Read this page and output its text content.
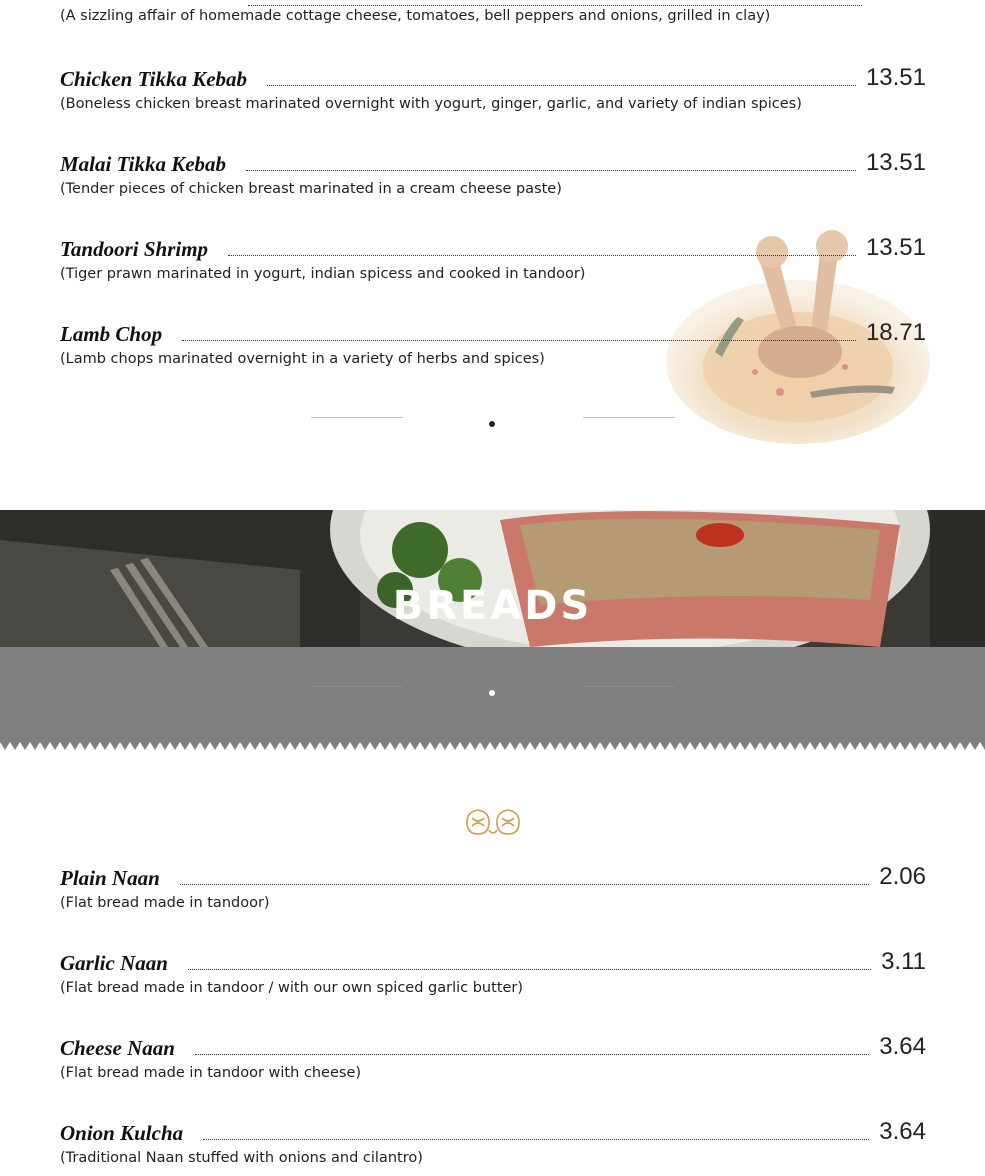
(A sizzling affair of homemade cottage cheese, tomatoes, bell peppers and onions, grilled in clay)
Chicken Tikka Kebab	13.51
(Boneless chicken breast marinated overnight with yogurt, ginger, garlic, and variety of indian spices)
Malai Tikka Kebab	13.51
(Tender pieces of chicken breast marinated in a cream cheese paste)
Tandoori Shrimp	13.51
(Tiger prawn marinated in yogurt, indian spicess and cooked in tandoor)
Lamb Chop	18.71
(Lamb chops marinated overnight in a variety of herbs and spices)
BREADS
Plain Naan	2.06
(Flat bread made in tandoor)
Garlic Naan	3.11
(Flat bread made in tandoor / with our own spiced garlic butter)
Cheese Naan	3.64
(Flat bread made in tandoor with cheese)
Onion Kulcha	3.64
(Traditional Naan stuffed with onions and cilantro)
